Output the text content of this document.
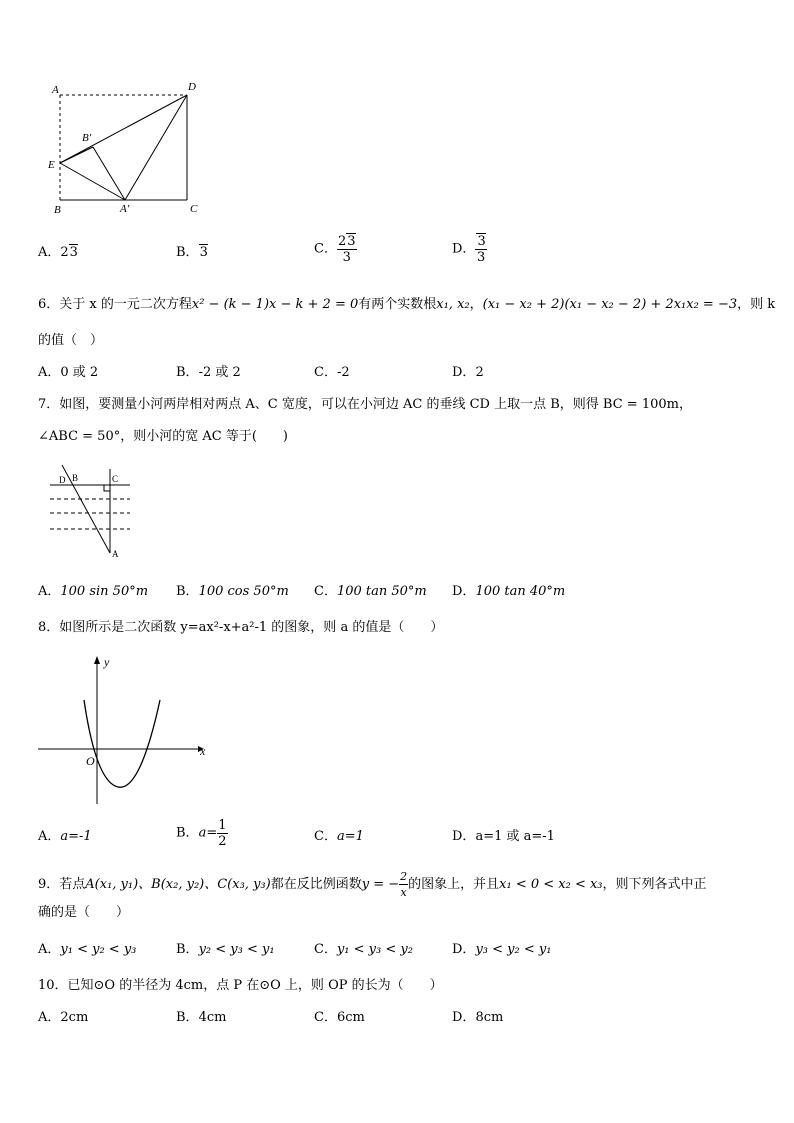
A	D
B'
E
B	A'	C
A．23	B．3	C． $\frac{23}{3}$	D． $\frac{3}{3}$
6．关于 x 的一元二次方程x² − (k − 1)x − k + 2 = 0有两个实数根x₁, x₂，(x₁ − x₂ + 2)(x₁ − x₂ − 2) + 2x₁x₂ = −3，则 k
的值（　）
A．0 或 2	B．-2 或 2	C．-2	D．2
7．如图，要测量小河两岸相对两点 A、C 宽度，可以在小河边 AC 的垂线 CD 上取一点 B，则得 BC = 100m，
∠ABC = 50°，则小河的宽 AC 等于(　　)
D B	C
A
A．100 sin 50°m B．100 cos 50°m C．100 tan 50°m D．100 tan 40°m
8．如图所示是二次函数 y=ax²-x+a²-1 的图象，则 a 的值是（　　）
y
x
O
A．a=-1	B．$a= \frac{1}{2}$	C．a=1	D．a=1 或 a=-1
9．若点A(x₁, y₁)、B(x₂, y₂)、C(x₃, y₃)都在反比例函数y = − $\frac{2}{x}$ 的图象上，并且x₁ < 0 < x₂ < x₃，则下列各式中正
确的是（　　）
A．y₁ < y₂ < y₃	B．y₂ < y₃ < y₁	C．y₁ < y₃ < y₂	D．y₃ < y₂ < y₁
10．已知⊙O 的半径为 4cm，点 P 在⊙O 上，则 OP 的长为（　　）
A．2cm	B．4cm	C．6cm	D．8cm
